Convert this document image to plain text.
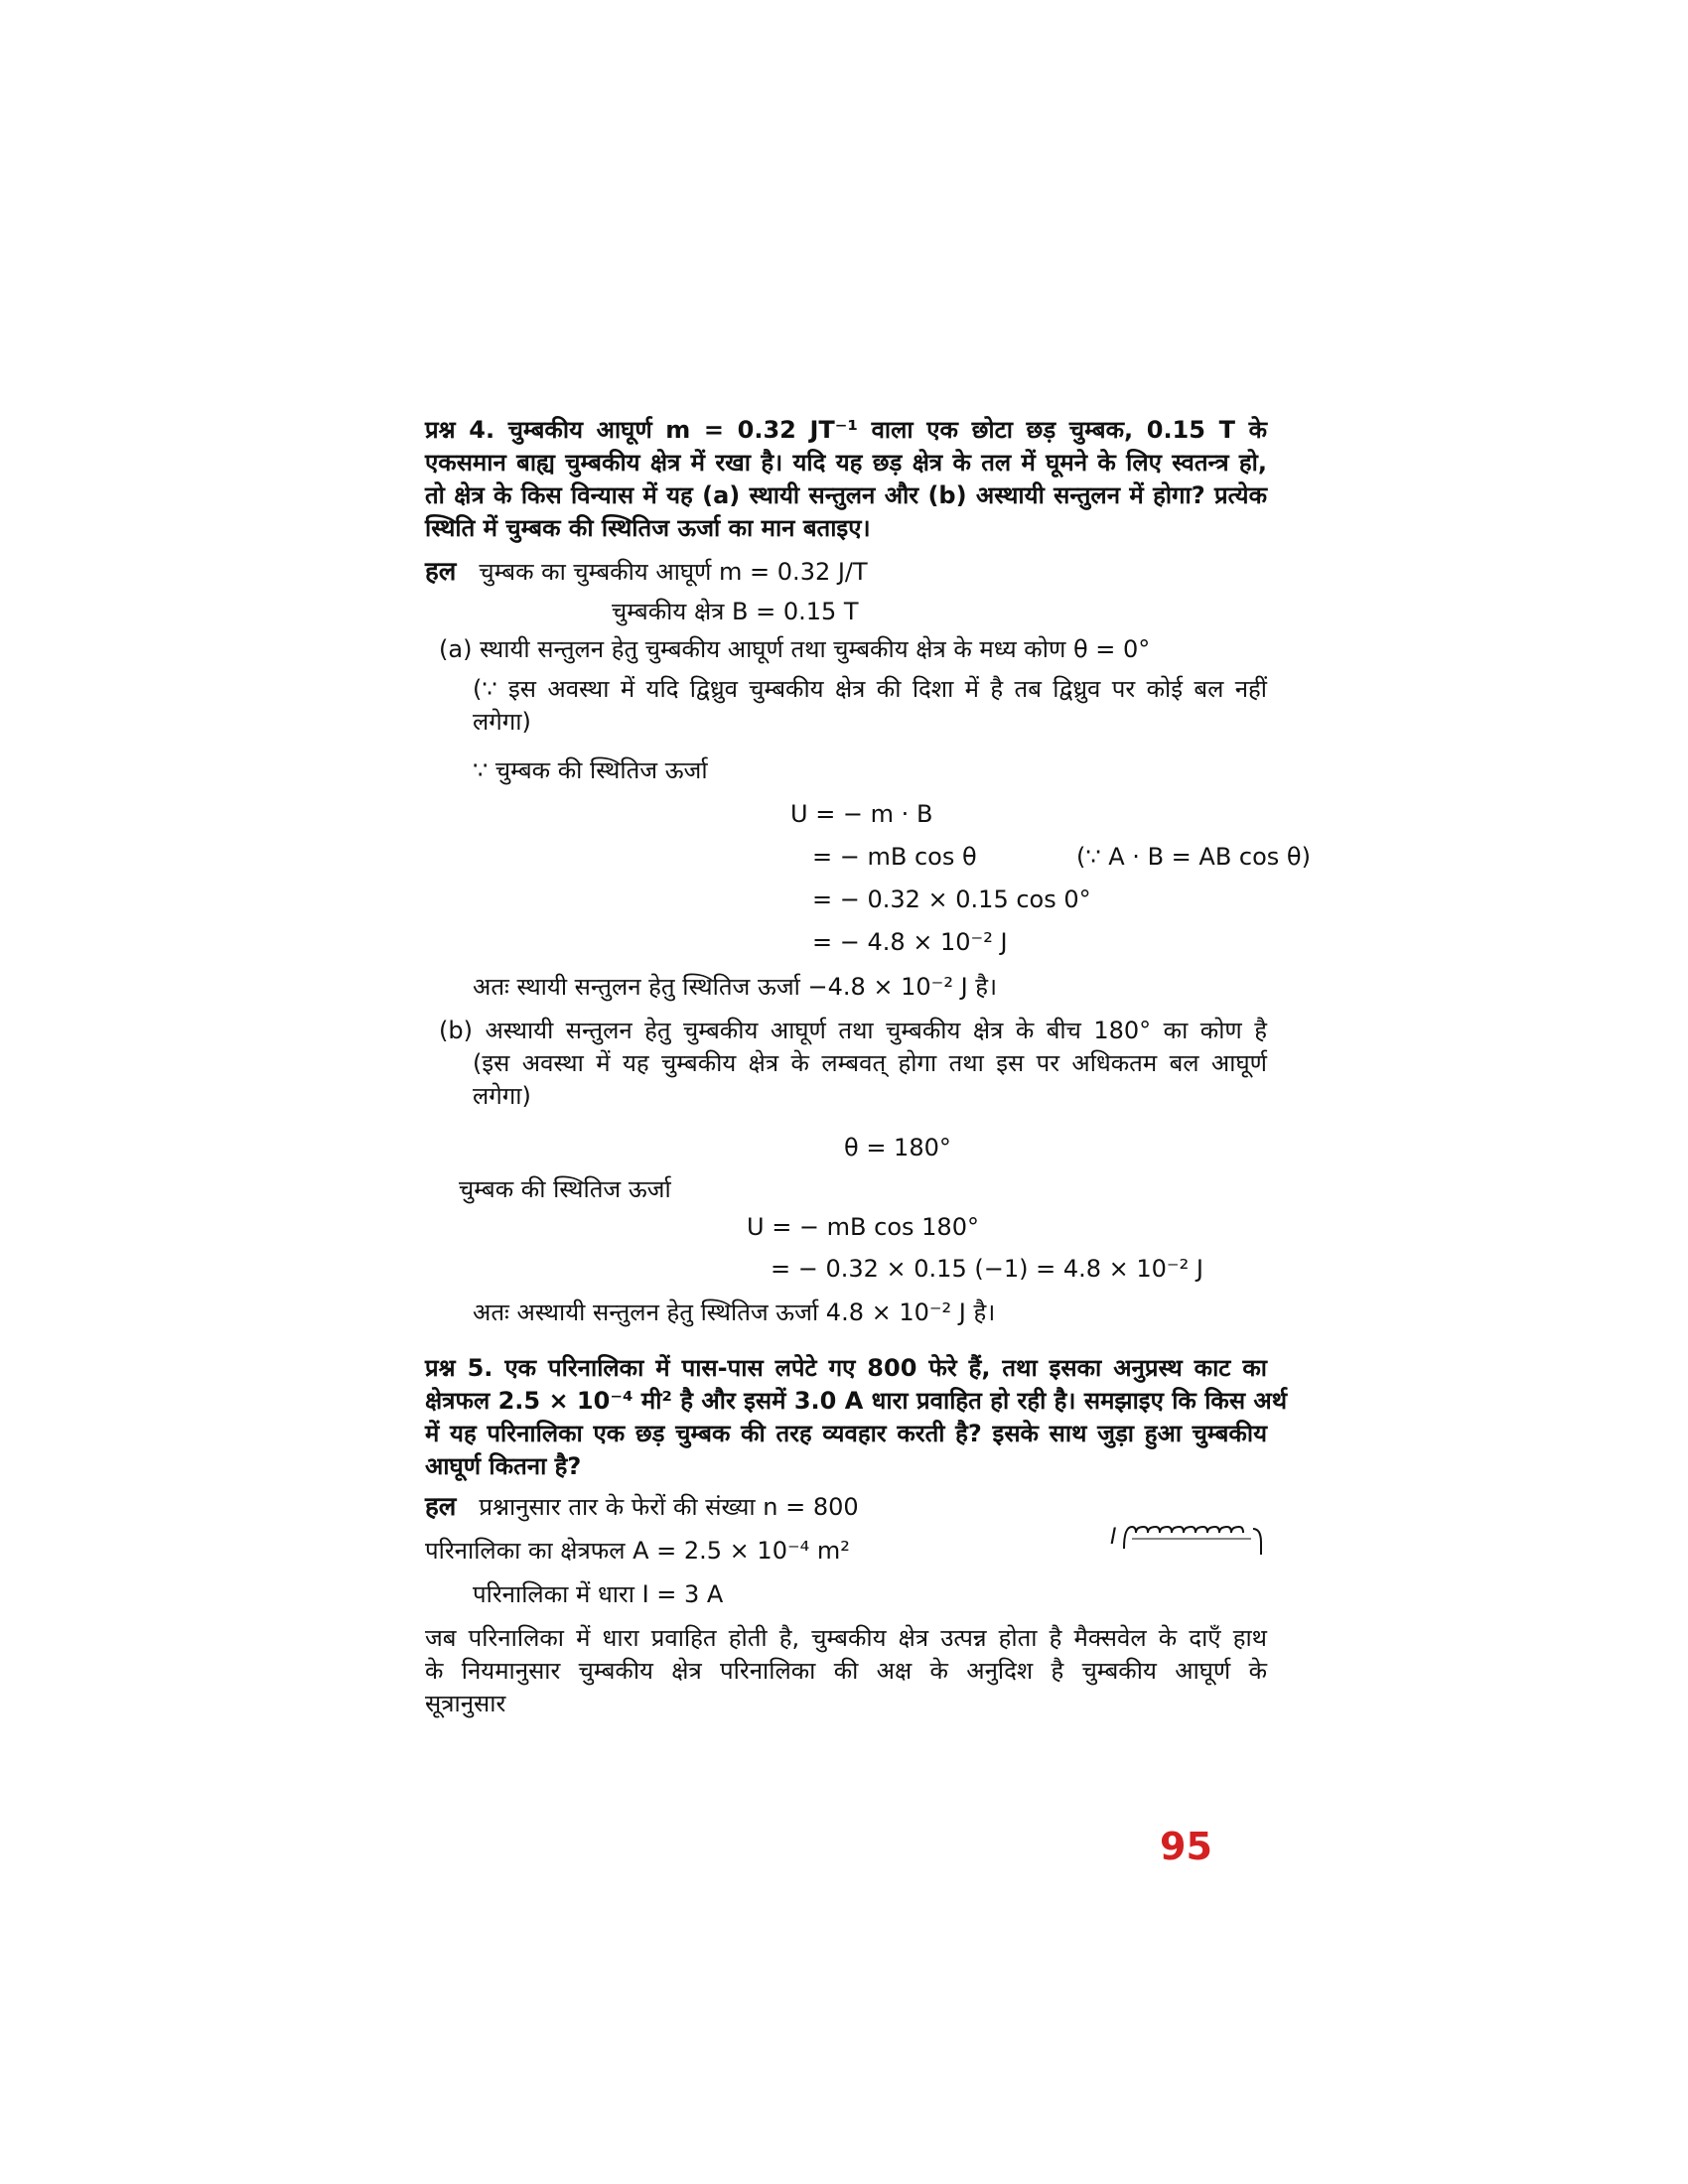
प्रश्न 4. चुम्बकीय आघूर्ण m = 0.32 JT⁻¹ वाला एक छोटा छड़ चुम्बक, 0.15 T के
एकसमान बाह्य चुम्बकीय क्षेत्र में रखा है। यदि यह छड़ क्षेत्र के तल में घूमने के लिए स्वतन्त्र हो,
तो क्षेत्र के किस विन्यास में यह (a) स्थायी सन्तुलन और (b) अस्थायी सन्तुलन में होगा? प्रत्येक
स्थिति में चुम्बक की स्थितिज ऊर्जा का मान बताइए।
हल चुम्बक का चुम्बकीय आघूर्ण m = 0.32 J/T
चुम्बकीय क्षेत्र B = 0.15 T
(a) स्थायी सन्तुलन हेतु चुम्बकीय आघूर्ण तथा चुम्बकीय क्षेत्र के मध्य कोण θ = 0°
(∵ इस अवस्था में यदि द्विध्रुव चुम्बकीय क्षेत्र की दिशा में है तब द्विध्रुव पर कोई बल नहीं
लगेगा)
∵ चुम्बक की स्थितिज ऊर्जा
U = − m · B
= − mB cos θ	(∵ A · B = AB cos θ)
= − 0.32 × 0.15 cos 0°
= − 4.8 × 10⁻² J
अतः स्थायी सन्तुलन हेतु स्थितिज ऊर्जा −4.8 × 10⁻² J है।
(b) अस्थायी सन्तुलन हेतु चुम्बकीय आघूर्ण तथा चुम्बकीय क्षेत्र के बीच 180° का कोण है
(इस अवस्था में यह चुम्बकीय क्षेत्र के लम्बवत् होगा तथा इस पर अधिकतम बल आघूर्ण
लगेगा)
θ = 180°
चुम्बक की स्थितिज ऊर्जा
U = − mB cos 180°
= − 0.32 × 0.15 (−1) = 4.8 × 10⁻² J
अतः अस्थायी सन्तुलन हेतु स्थितिज ऊर्जा 4.8 × 10⁻² J है।
प्रश्न 5. एक परिनालिका में पास-पास लपेटे गए 800 फेरे हैं, तथा इसका अनुप्रस्थ काट का
क्षेत्रफल 2.5 × 10⁻⁴ मी² है और इसमें 3.0 A धारा प्रवाहित हो रही है। समझाइए कि किस अर्थ
में यह परिनालिका एक छड़ चुम्बक की तरह व्यवहार करती है? इसके साथ जुड़ा हुआ चुम्बकीय
आघूर्ण कितना है?
हल प्रश्नानुसार तार के फेरों की संख्या n = 800
परिनालिका का क्षेत्रफल A = 2.5 × 10⁻⁴ m²
परिनालिका में धारा I = 3 A
I
जब परिनालिका में धारा प्रवाहित होती है, चुम्बकीय क्षेत्र उत्पन्न होता है मैक्सवेल के दाएँ हाथ
के नियमानुसार चुम्बकीय क्षेत्र परिनालिका की अक्ष के अनुदिश है चुम्बकीय आघूर्ण के
सूत्रानुसार
95
